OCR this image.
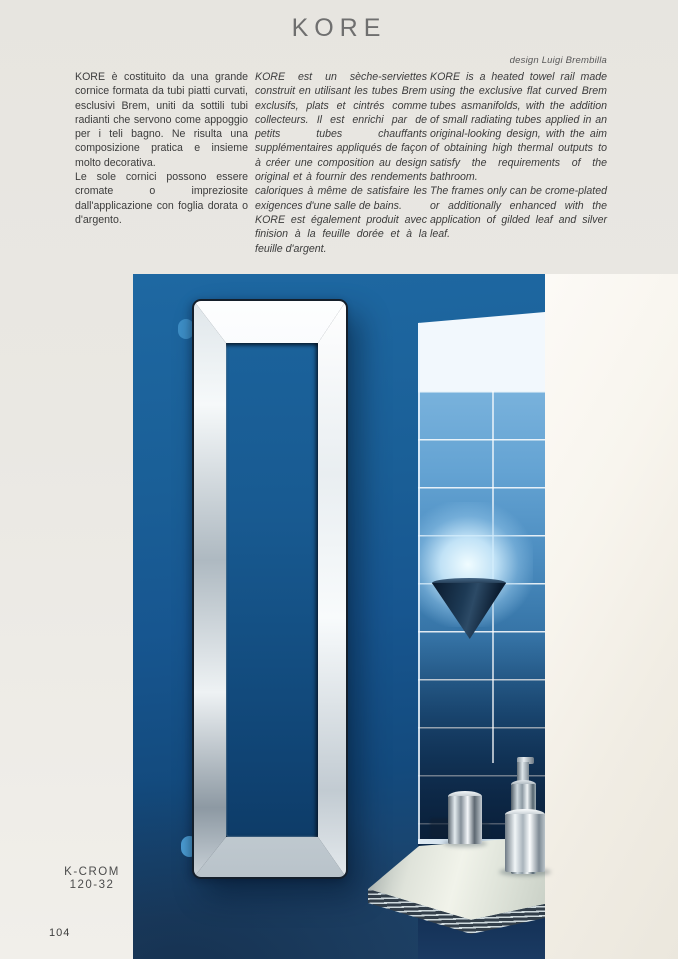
KORE
design Luigi Brembilla

KORE è costituito da una grande cornice formata da tubi piatti curvati, esclusivi Brem, uniti da sottili tubi radianti che servono come appoggio per i teli bagno. Ne risulta una composizione pratica e insieme molto decorativa.

Le sole cornici possono essere cromate o impreziosite dall'applicazione con foglia dorata o d'argento.

KORE est un sèche-serviettes construit en utilisant les tubes Brem exclusifs, plats et cintrés comme collecteurs. Il est enrichi par de petits tubes chauffants supplémentaires appliqués de façon à créer une composition au design original et à fournir des rendements caloriques à même de satisfaire les exigences d'une salle de bains.

KORE est également produit avec finision à la feuille dorée et à la feuille d'argent.

KORE is a heated towel rail made using the exclusive flat curved Brem tubes asmanifolds, with the addition of small radiating tubes applied in an original-looking design, with the aim of obtaining high thermal outputs to satisfy the requirements of the bathroom.

The frames only can be crome-plated or additionally enhanced with the application of gilded leaf and silver leaf.

K-CROM
120-32
104
